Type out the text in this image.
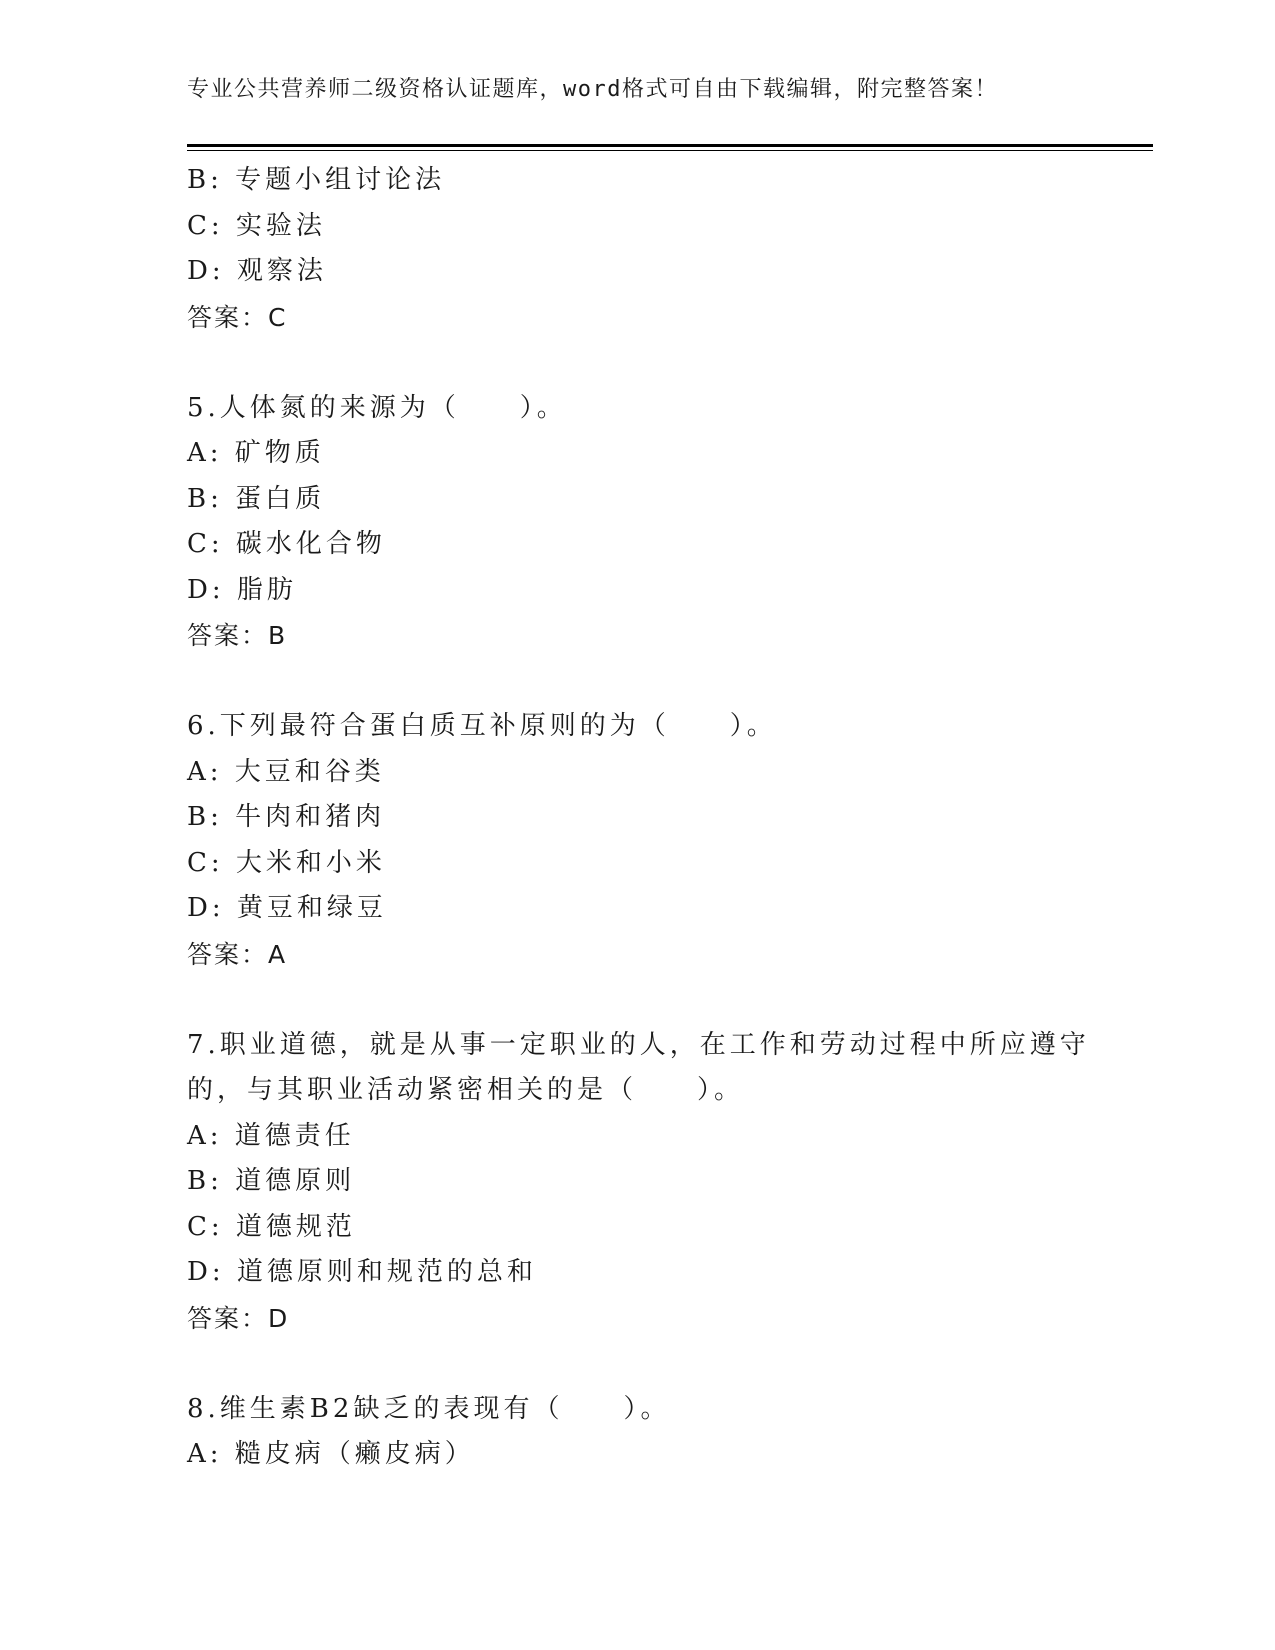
专业公共营养师二级资格认证题库，word格式可自由下载编辑，附完整答案！
B: 专题小组讨论法
C: 实验法
D: 观察法
答案：C
5.人体氮的来源为（　　）。
A: 矿物质
B: 蛋白质
C: 碳水化合物
D: 脂肪
答案：B
6.下列最符合蛋白质互补原则的为（　　）。
A: 大豆和谷类
B: 牛肉和猪肉
C: 大米和小米
D: 黄豆和绿豆
答案：A
7.职业道德，就是从事一定职业的人，在工作和劳动过程中所应遵守
的，与其职业活动紧密相关的是（　　）。
A: 道德责任
B: 道德原则
C: 道德规范
D: 道德原则和规范的总和
答案：D
8.维生素B2缺乏的表现有（　　）。
A: 糙皮病（癞皮病）
